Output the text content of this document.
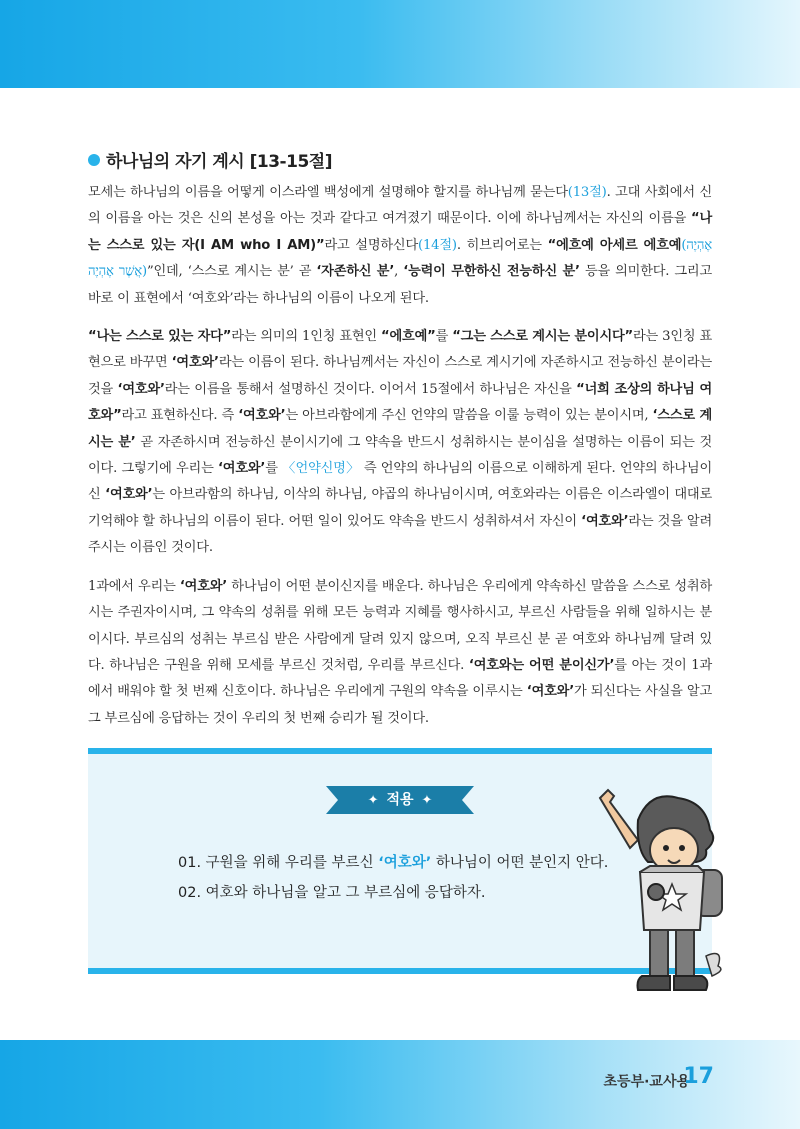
하나님의 자기 계시 [13-15절]

모세는 하나님의 이름을 어떻게 이스라엘 백성에게 설명해야 할지를 하나님께 묻는다(13절). 고대 사회에서 신의 이름을 아는 것은 신의 본성을 아는 것과 같다고 여겨졌기 때문이다. 이에 하나님께서는 자신의 이름을 “나는 스스로 있는 자(I AM who I AM)”라고 설명하신다(14절). 히브리어로는 “에흐예 아세르 에흐예(אֶהְיֶה אֲשֶׁר אֶהְיֶה)”인데, ‘스스로 계시는 분’ 곧 ‘자존하신 분’, ‘능력이 무한하신 전능하신 분’ 등을 의미한다. 그리고 바로 이 표현에서 ‘여호와’라는 하나님의 이름이 나오게 된다.

“나는 스스로 있는 자다”라는 의미의 1인칭 표현인 “에흐예”를 “그는 스스로 계시는 분이시다”라는 3인칭 표현으로 바꾸면 ‘여호와’라는 이름이 된다. 하나님께서는 자신이 스스로 계시기에 자존하시고 전능하신 분이라는 것을 ‘여호와’라는 이름을 통해서 설명하신 것이다. 이어서 15절에서 하나님은 자신을 “너희 조상의 하나님 여호와”라고 표현하신다. 즉 ‘여호와’는 아브라함에게 주신 언약의 말씀을 이룰 능력이 있는 분이시며, ‘스스로 계시는 분’ 곧 자존하시며 전능하신 분이시기에 그 약속을 반드시 성취하시는 분이심을 설명하는 이름이 되는 것이다. 그렇기에 우리는 ‘여호와’를 〈언약신명〉 즉 언약의 하나님의 이름으로 이해하게 된다. 언약의 하나님이신 ‘여호와’는 아브라함의 하나님, 이삭의 하나님, 야곱의 하나님이시며, 여호와라는 이름은 이스라엘이 대대로 기억해야 할 하나님의 이름이 된다. 어떤 일이 있어도 약속을 반드시 성취하셔서 자신이 ‘여호와’라는 것을 알려주시는 이름인 것이다.

1과에서 우리는 ‘여호와’ 하나님이 어떤 분이신지를 배운다. 하나님은 우리에게 약속하신 말씀을 스스로 성취하시는 주권자이시며, 그 약속의 성취를 위해 모든 능력과 지혜를 행사하시고, 부르신 사람들을 위해 일하시는 분이시다. 부르심의 성취는 부르심 받은 사람에게 달려 있지 않으며, 오직 부르신 분 곧 여호와 하나님께 달려 있다. 하나님은 구원을 위해 모세를 부르신 것처럼, 우리를 부르신다. ‘여호와는 어떤 분이신가’를 아는 것이 1과에서 배워야 할 첫 번째 신호이다. 하나님은 우리에게 구원의 약속을 이루시는 ‘여호와’가 되신다는 사실을 알고 그 부르심에 응답하는 것이 우리의 첫 번째 승리가 될 것이다.

✦ 적용 ✦
01. 구원을 위해 우리를 부르신 ‘여호와’ 하나님이 어떤 분인지 안다.
02. 여호와 하나님을 알고 그 부르심에 응답하자.
초등부·교사용
17
